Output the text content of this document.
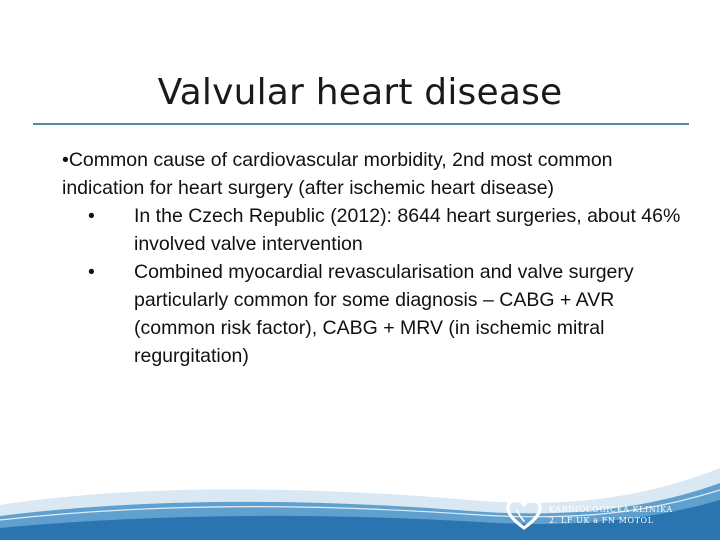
Valvular heart disease

•Common cause of cardiovascular morbidity, 2nd most common indication for heart surgery (after ischemic heart disease)

• In the Czech Republic (2012): 8644 heart surgeries, about 46% involved valve intervention

• Combined myocardial revascularisation and valve surgery particularly common for some diagnosis – CABG + AVR (common risk factor), CABG + MRV (in ischemic mitral regurgitation)

KARDIOLOGICKÁ KLINIKA
2. LF UK a FN MOTOL
